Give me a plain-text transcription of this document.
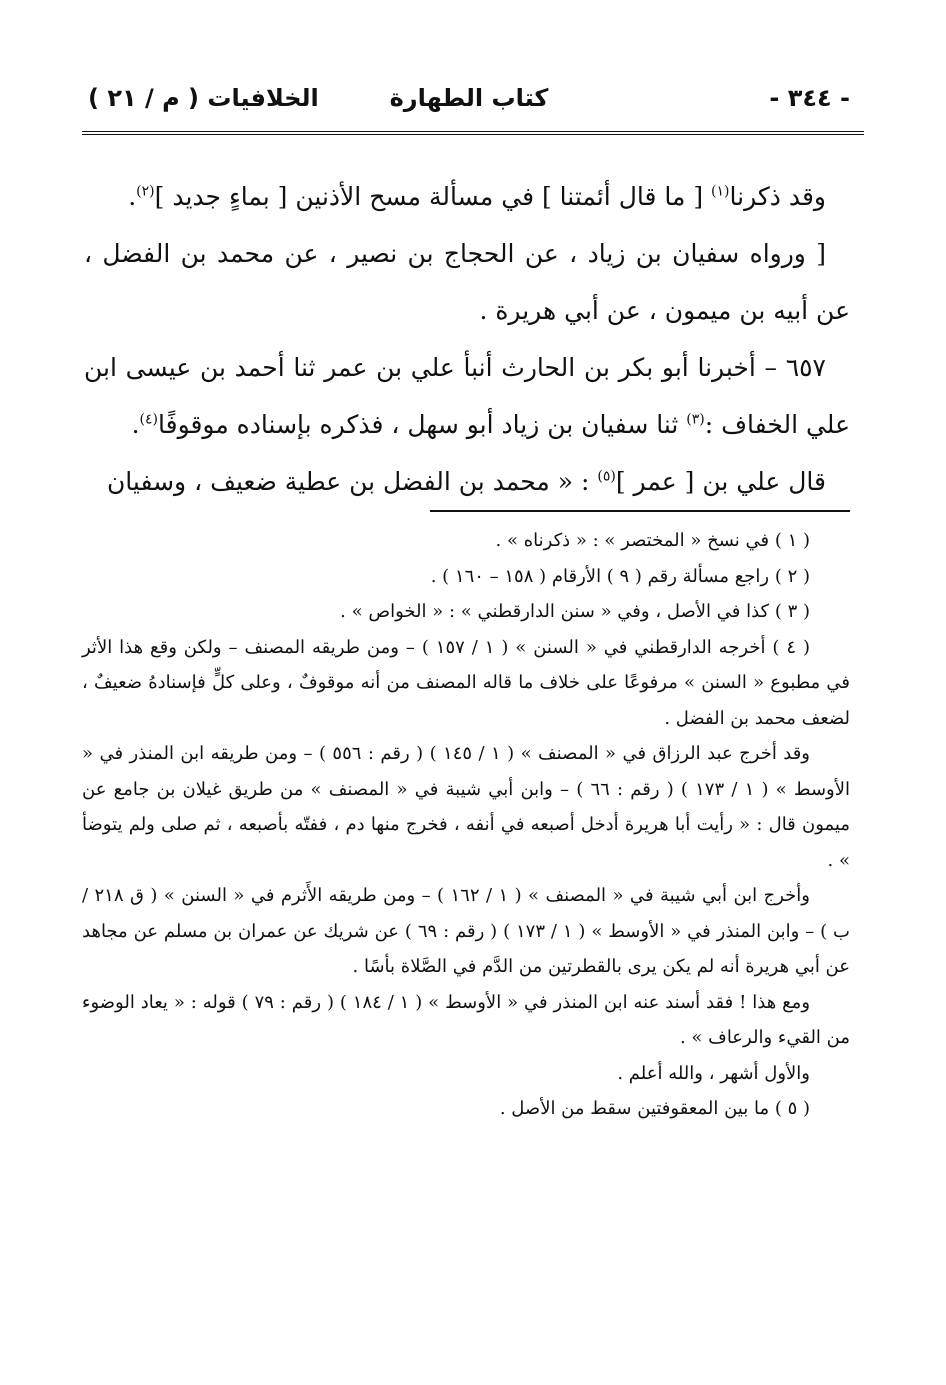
- ٣٤٤ -
كتاب الطهارة
الخلافيات ( م / ٢١ )

وقد ذكرنا$^{(١)}$ [ ما قال أئمتنا ] في مسألة مسح الأذنين [ بماءٍ جديد ]$^{(٢)}$.

[ ورواه سفيان بن زياد ، عن الحجاج بن نصير ، عن محمد بن الفضل ، عن أبيه بن ميمون ، عن أبي هريرة .

٦٥٧ – أخبرنا أبو بكر بن الحارث أنبأ علي بن عمر ثنا أحمد بن عيسى ابن علي الخفاف :$^{(٣)}$ ثنا سفيان بن زياد أبو سهل ، فذكره بإسناده موقوفًا$^{(٤)}$.

قال علي بن [ عمر ]$^{(٥)}$ : « محمد بن الفضل بن عطية ضعيف ، وسفيان

( ١ ) في نسخ « المختصر » : « ذكرناه » .

( ٢ ) راجع مسألة رقم ( ٩ ) الأرقام ( ١٥٨ – ١٦٠ ) .

( ٣ ) كذا في الأصل ، وفي « سنن الدارقطني » : « الخواص » .

( ٤ ) أخرجه الدارقطني في « السنن » ( ١ / ١٥٧ ) – ومن طريقه المصنف – ولكن وقع هذا الأثر في مطبوع « السنن » مرفوعًا على خلاف ما قاله المصنف من أنه موقوفٌ ، وعلى كلٍّ فإسنادهُ ضعيفٌ ، لضعف محمد بن الفضل .

وقد أخرج عبد الرزاق في « المصنف » ( ١ / ١٤٥ ) ( رقم : ٥٥٦ ) – ومن طريقه ابن المنذر في « الأوسط » ( ١ / ١٧٣ ) ( رقم : ٦٦ ) – وابن أبي شيبة في « المصنف » من طريق غيلان بن جامع عن ميمون قال : « رأيت أبا هريرة أدخل أصبعه في أنفه ، فخرج منها دم ، ففتّه بأصبعه ، ثم صلى ولم يتوضأ » .

وأخرج ابن أبي شيبة في « المصنف » ( ١ / ١٦٢ ) – ومن طريقه الأَثرم في « السنن » ( ق ٢١٨ / ب ) – وابن المنذر في « الأوسط » ( ١ / ١٧٣ ) ( رقم : ٦٩ ) عن شريك عن عمران بن مسلم عن مجاهد عن أبي هريرة أنه لم يكن يرى بالقطرتين من الدَّم في الصَّلاة بأسًا .

ومع هذا ! فقد أسند عنه ابن المنذر في « الأوسط » ( ١ / ١٨٤ ) ( رقم : ٧٩ ) قوله : « يعاد الوضوء من القيء والرعاف » .

والأول أشهر ، والله أعلم .

( ٥ ) ما بين المعقوفتين سقط من الأصل .
